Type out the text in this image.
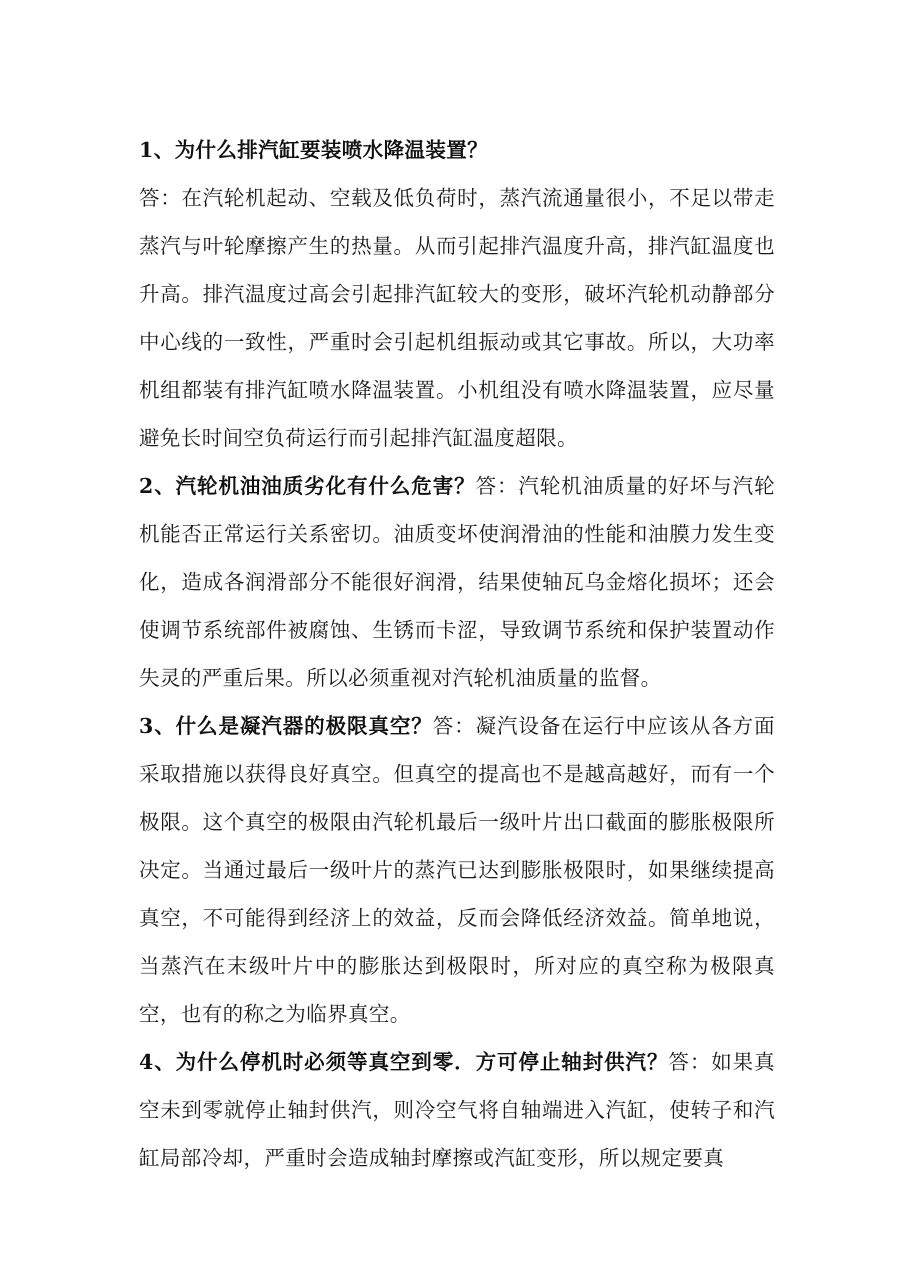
1、为什么排汽缸要装喷水降温装置？
答：在汽轮机起动、空载及低负荷时，蒸汽流通量很小，不足以带走蒸汽与叶轮摩擦产生的热量。从而引起排汽温度升高，排汽缸温度也升高。排汽温度过高会引起排汽缸较大的变形，破坏汽轮机动静部分中心线的一致性，严重时会引起机组振动或其它事故。所以，大功率机组都装有排汽缸喷水降温装置。小机组没有喷水降温装置，应尽量避免长时间空负荷运行而引起排汽缸温度超限。
2、汽轮机油油质劣化有什么危害？答：汽轮机油质量的好坏与汽轮机能否正常运行关系密切。油质变坏使润滑油的性能和油膜力发生变化，造成各润滑部分不能很好润滑，结果使轴瓦乌金熔化损坏；还会使调节系统部件被腐蚀、生锈而卡涩，导致调节系统和保护装置动作失灵的严重后果。所以必须重视对汽轮机油质量的监督。
3、什么是凝汽器的极限真空？答：凝汽设备在运行中应该从各方面采取措施以获得良好真空。但真空的提高也不是越高越好，而有一个极限。这个真空的极限由汽轮机最后一级叶片出口截面的膨胀极限所决定。当通过最后一级叶片的蒸汽已达到膨胀极限时，如果继续提高真空，不可能得到经济上的效益，反而会降低经济效益。简单地说，当蒸汽在末级叶片中的膨胀达到极限时，所对应的真空称为极限真空，也有的称之为临界真空。
4、为什么停机时必须等真空到零．方可停止轴封供汽？答：如果真空未到零就停止轴封供汽，则冷空气将自轴端进入汽缸，使转子和汽缸局部冷却，严重时会造成轴封摩擦或汽缸变形，所以规定要真
